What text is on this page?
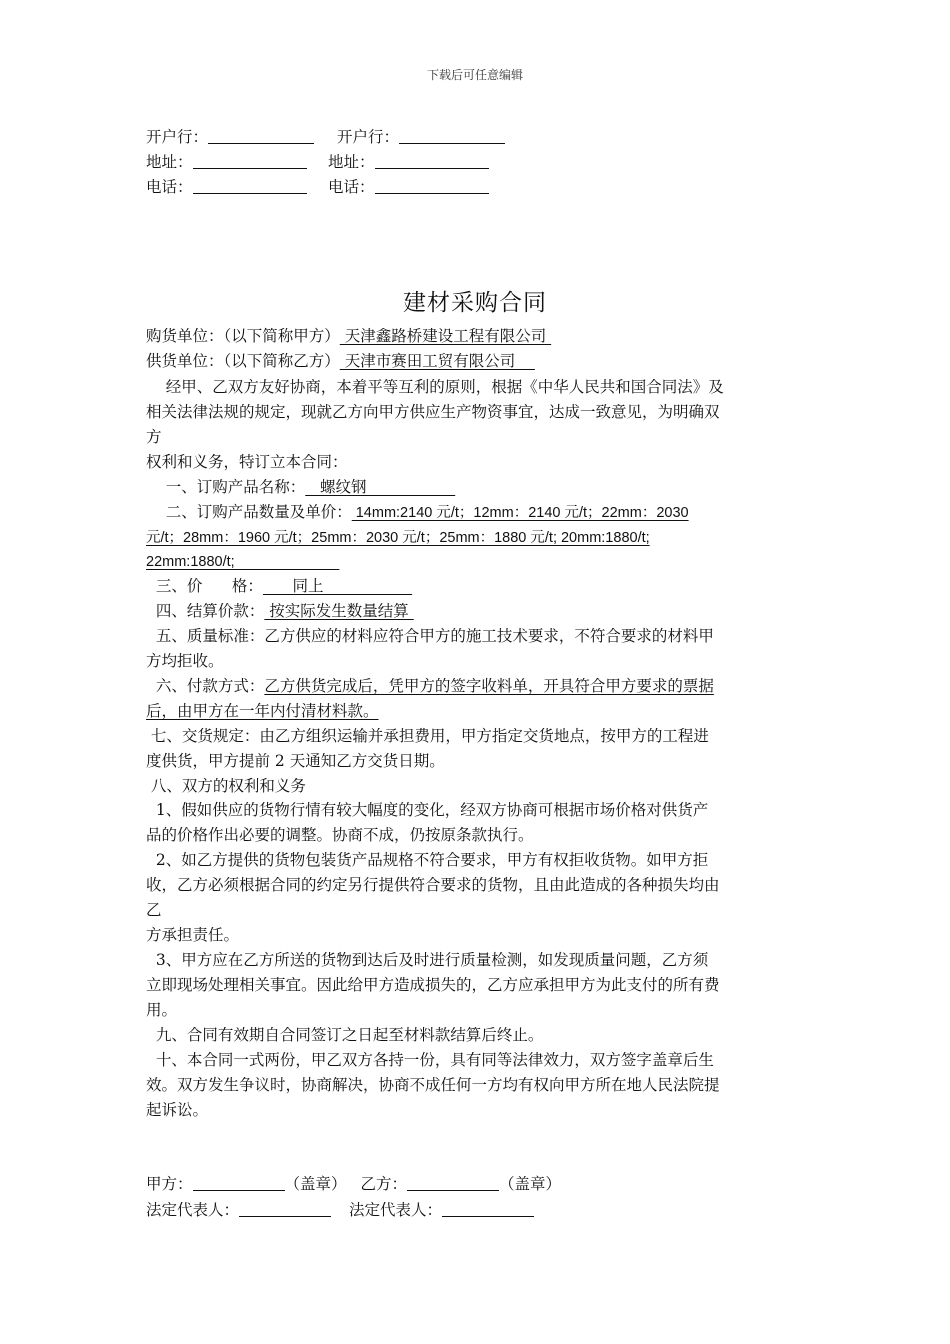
下载后可任意编辑
开户行：	开户行：
地址：	地址：
电话：	电话：
建材采购合同
购货单位：（以下简称甲方） 天津鑫路桥建设工程有限公司
供货单位：（以下简称乙方） 天津市赛田工贸有限公司
经甲、乙双方友好协商，本着平等互利的原则，根据《中华人民共和国合同法》及
相关法律法规的规定，现就乙方向甲方供应生产物资事宜，达成一致意见，为明确双
方
权利和义务，特订立本合同：
一、订购产品名称：   螺纹钢
二、订购产品数量及单价： 14mm:2140 元/t；12mm：2140 元/t；22mm：2030
元/t；28mm：1960 元/t；25mm：2030 元/t；25mm：1880 元/t; 20mm:1880/t;
22mm:1880/t;
三、价      格：      同上
四、结算价款： 按实际发生数量结算
五、质量标准：乙方供应的材料应符合甲方的施工技术要求，不符合要求的材料甲
方均拒收。
六、付款方式：乙方供货完成后，凭甲方的签字收料单，开具符合甲方要求的票据
后，由甲方在一年内付清材料款。
七、交货规定：由乙方组织运输并承担费用，甲方指定交货地点，按甲方的工程进
度供货，甲方提前 2 天通知乙方交货日期。
八、双方的权利和义务
1、假如供应的货物行情有较大幅度的变化，经双方协商可根据市场价格对供货产
品的价格作出必要的调整。协商不成，仍按原条款执行。
2、如乙方提供的货物包装货产品规格不符合要求，甲方有权拒收货物。如甲方拒
收，乙方必须根据合同的约定另行提供符合要求的货物，且由此造成的各种损失均由
乙
方承担责任。
3、甲方应在乙方所送的货物到达后及时进行质量检测，如发现质量问题，乙方须
立即现场处理相关事宜。因此给甲方造成损失的，乙方应承担甲方为此支付的所有费
用。
九、合同有效期自合同签订之日起至材料款结算后终止。
十、本合同一式两份，甲乙双方各持一份，具有同等法律效力，双方签字盖章后生
效。双方发生争议时，协商解决，协商不成任何一方均有权向甲方所在地人民法院提
起诉讼。
甲方：	（盖章） 乙方：	（盖章）
法定代表人：	法定代表人：
